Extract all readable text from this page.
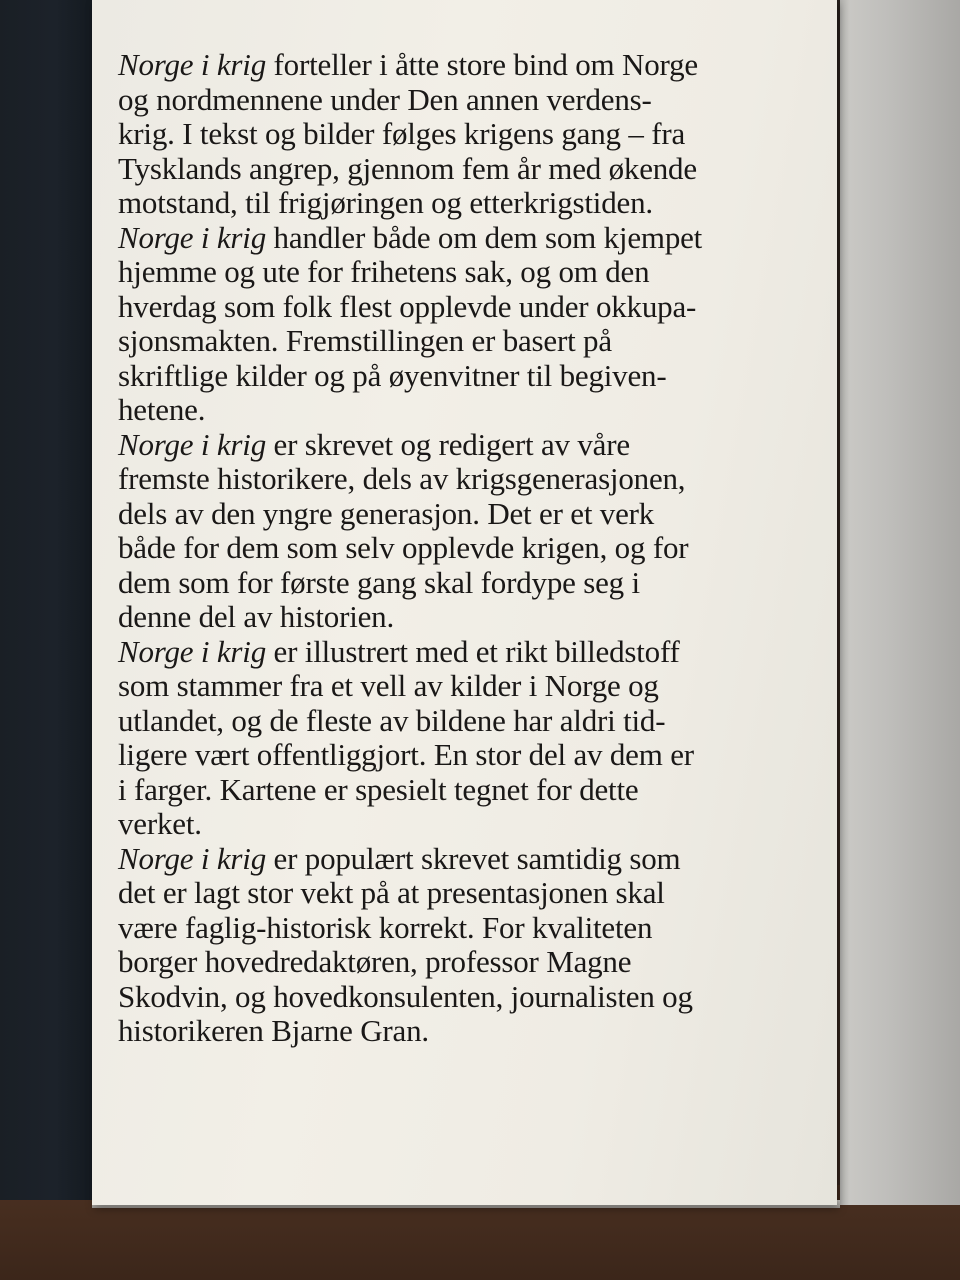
Norge i krig forteller i åtte store bind om Norge
og nordmennene under Den annen verdens-
krig. I tekst og bilder følges krigens gang – fra
Tysklands angrep, gjennom fem år med økende
motstand, til frigjøringen og etterkrigstiden.

Norge i krig handler både om dem som kjempet
hjemme og ute for frihetens sak, og om den
hverdag som folk flest opplevde under okkupa-
sjonsmakten. Fremstillingen er basert på
skriftlige kilder og på øyenvitner til begiven-
hetene.

Norge i krig er skrevet og redigert av våre
fremste historikere, dels av krigsgenerasjonen,
dels av den yngre generasjon. Det er et verk
både for dem som selv opplevde krigen, og for
dem som for første gang skal fordype seg i
denne del av historien.

Norge i krig er illustrert med et rikt billedstoff
som stammer fra et vell av kilder i Norge og
utlandet, og de fleste av bildene har aldri tid-
ligere vært offentliggjort. En stor del av dem er
i farger. Kartene er spesielt tegnet for dette
verket.

Norge i krig er populært skrevet samtidig som
det er lagt stor vekt på at presentasjonen skal
være faglig-historisk korrekt. For kvaliteten
borger hovedredaktøren, professor Magne
Skodvin, og hovedkonsulenten, journalisten og
historikeren Bjarne Gran.
